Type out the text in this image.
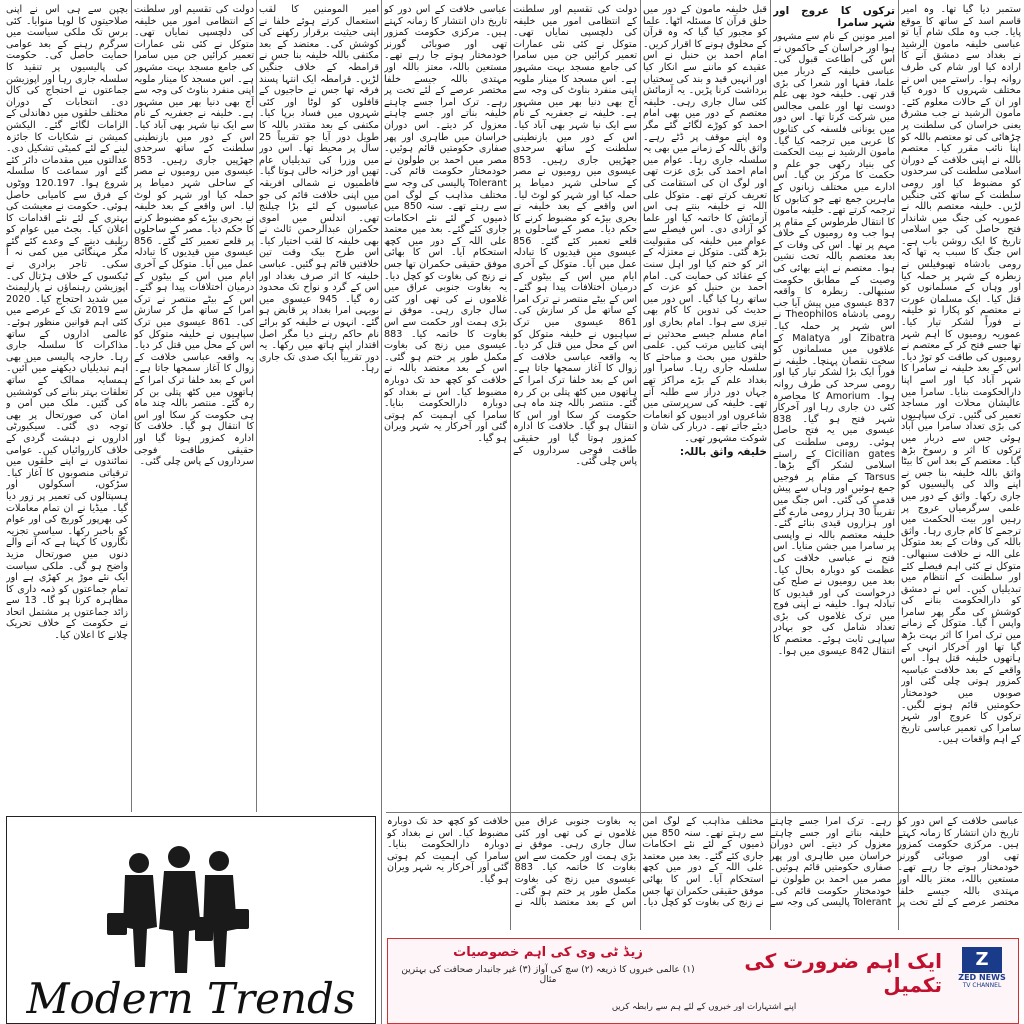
ستمبر دیا گیا تھا۔ وہ امیر قاسم اسد کے ساتھ کا موقع پایا۔ جب وہ ملک شام آیا تو عباسی خلیفہ مامون الرشید نے بغداد سے دمشق آنے کا ارادہ کیا اور شام کی طرف روانہ ہوا۔ راستے میں اس نے مختلف شہروں کا دورہ کیا اور ان کے حالات معلوم کئے۔ مامون الرشید نے جب مشرق یعنی خراسان کی سلطنت پر چڑھائی کی تو معتصم باللہ کو اپنا نائب مقرر کیا۔ معتصم باللہ نے اپنی خلافت کے دوران اسلامی سلطنت کی سرحدوں کو مضبوط کیا اور رومی سلطنت کے ساتھ کئی جنگیں لڑیں۔ خلیفہ معتصم باللہ نے عموریہ کی جنگ میں شاندار فتح حاصل کی جو اسلامی تاریخ کا ایک روشن باب ہے۔ اس جنگ کا سبب یہ تھا کہ رومی بادشاہ تھیوفیلس نے زبطرہ کے شہر پر حملہ کیا اور وہاں کے مسلمانوں کو قتل کیا۔ ایک مسلمان عورت نے معتصم کو پکارا تو خلیفہ نے فوراً لشکر تیار کیا۔ عموریہ رومیوں کا اہم شہر تھا جسے فتح کر کے معتصم نے رومیوں کی طاقت کو توڑ دیا۔ اس کے بعد خلیفہ نے سامرا کا شہر آباد کیا اور اسے اپنا دارالحکومت بنایا۔ سامرا میں عالیشان محلات اور مساجد تعمیر کی گئیں۔ ترک سپاہیوں کی بڑی تعداد سامرا میں آباد ہوئی جس سے دربار میں ترکوں کا اثر و رسوخ بڑھ گیا۔ معتصم کے بعد اس کا بیٹا واثق باللہ خلیفہ بنا جس نے اپنے والد کی پالیسیوں کو جاری رکھا۔ واثق کے دور میں علمی سرگرمیاں عروج پر رہیں اور بیت الحکمت میں ترجمے کا کام جاری رہا۔ واثق باللہ کی وفات کے بعد متوکل علی اللہ نے خلافت سنبھالی۔ متوکل نے کئی اہم فیصلے کئے اور سلطنت کے انتظام میں تبدیلیاں کیں۔ اس نے دمشق کو دارالحکومت بنانے کی کوشش کی مگر پھر سامرا واپس آ گیا۔ متوکل کے زمانے میں ترک امرا کا اثر بہت بڑھ گیا تھا اور آخرکار انہی کے ہاتھوں خلیفہ قتل ہوا۔ اس واقعے کے بعد خلافت عباسیہ کمزور ہوتی چلی گئی اور صوبوں میں خودمختار حکومتیں قائم ہونے لگیں۔ ترکوں کا عروج اور شہر سامرا کی تعمیر عباسی تاریخ کے اہم واقعات ہیں۔

ترکوں کا عروج اور شہر سامرا

امیر مونین کے نام سے مشہور ہوا اور خراسان کے حاکموں نے اس کی اطاعت قبول کی۔ عباسی خلیفہ کے دربار میں علما، فقہا اور شعرا کی بڑی قدر تھی۔ خلیفہ خود بھی علم دوست تھا اور علمی مجالس میں شرکت کرتا تھا۔ اس دور میں یونانی فلسفہ کی کتابوں کا عربی میں ترجمہ کیا گیا۔ مامون الرشید نے بیت الحکمت کی بنیاد رکھی جو علم و حکمت کا مرکز بن گیا۔ اس ادارے میں مختلف زبانوں کے ماہرین جمع تھے جو کتابوں کا ترجمہ کرتے تھے۔ خلیفہ مامون کا انتقال طرطوس کے مقام پر ہوا جب وہ رومیوں کے خلاف مہم پر تھا۔ اس کی وفات کے بعد معتصم باللہ تخت نشین ہوا۔ معتصم نے اپنے بھائی کی وصیت کے مطابق حکومت سنبھالی۔ زبطرہ کا واقعہ 837 عیسوی میں پیش آیا جب رومی بادشاہ Theophilos نے اس شہر پر حملہ کیا۔ Zibatra اور Malatya کے علاقوں میں مسلمانوں کو سخت نقصان پہنچا۔ خلیفہ نے فوراً ایک بڑا لشکر تیار کیا اور رومی سرحد کی طرف روانہ ہوا۔ Amorium کا محاصرہ کئی دن جاری رہا اور آخرکار شہر فتح ہو گیا۔ 838 عیسوی میں یہ فتح حاصل ہوئی۔ رومی سلطنت کی Cicilian gates کے راستے اسلامی لشکر آگے بڑھا۔ Tarsus کے مقام پر فوجیں جمع ہوئیں اور وہاں سے پیش قدمی کی گئی۔ اس جنگ میں تقریباً 30 ہزار رومی مارے گئے اور ہزاروں قیدی بنائے گئے۔ خلیفہ معتصم باللہ نے واپسی پر سامرا میں جشن منایا۔ اس فتح نے عباسی خلافت کی عظمت کو دوبارہ بحال کیا۔ بعد میں رومیوں نے صلح کی درخواست کی اور قیدیوں کا تبادلہ ہوا۔ خلیفہ نے اپنی فوج میں ترک غلاموں کی بڑی تعداد شامل کی جو بہادر سپاہی ثابت ہوئے۔ معتصم کا انتقال 842 عیسوی میں ہوا۔

قبل خلیفہ مامون کے دور میں خلق قرآن کا مسئلہ اٹھا۔ علما کو مجبور کیا گیا کہ وہ قرآن کے مخلوق ہونے کا اقرار کریں۔ امام احمد بن حنبل نے اس عقیدے کو ماننے سے انکار کیا اور انہیں قید و بند کی سختیاں برداشت کرنا پڑیں۔ یہ آزمائش کئی سال جاری رہی۔ خلیفہ معتصم کے دور میں بھی امام احمد کو کوڑے لگائے گئے مگر وہ اپنے موقف پر ڈٹے رہے۔ واثق باللہ کے زمانے میں بھی یہ سلسلہ جاری رہا۔ عوام میں امام احمد کی بڑی عزت تھی اور لوگ ان کی استقامت کی تعریف کرتے تھے۔ متوکل علی اللہ نے خلیفہ بنتے ہی اس آزمائش کا خاتمہ کیا اور علما کو آزادی دی۔ اس فیصلے سے عوام میں خلیفہ کی مقبولیت بڑھ گئی۔ متوکل نے معتزلہ کے اثر کو ختم کیا اور اہل سنت کے عقائد کی حمایت کی۔ امام احمد بن حنبل کو عزت کے ساتھ رہا کیا گیا۔ اس دور میں حدیث کی تدوین کا کام بھی تیزی سے ہوا۔ امام بخاری اور امام مسلم جیسے محدثین نے اپنی کتابیں مرتب کیں۔ علمی حلقوں میں بحث و مباحثے کا سلسلہ جاری رہا۔ سامرا اور بغداد علم کے بڑے مراکز تھے جہاں دور دراز سے طلبہ آتے تھے۔ خلیفہ کی سرپرستی میں شاعروں اور ادیبوں کو انعامات دیئے جاتے تھے۔ دربار کی شان و شوکت مشہور تھی۔

خلیفہ واثق باللہ:

دولت کی تقسیم اور سلطنت کے انتظامی امور میں خلیفہ کی دلچسپی نمایاں تھی۔ متوکل نے کئی نئی عمارات تعمیر کرائیں جن میں سامرا کی جامع مسجد بہت مشہور ہے۔ اس مسجد کا مینار ملویہ اپنی منفرد بناوٹ کی وجہ سے آج بھی دنیا بھر میں مشہور ہے۔ خلیفہ نے جعفریہ کے نام سے ایک نیا شہر بھی آباد کیا۔ اس کے دور میں بازنطینی سلطنت کے ساتھ سرحدی جھڑپیں جاری رہیں۔ 853 عیسوی میں رومیوں نے مصر کے ساحلی شہر دمیاط پر حملہ کیا اور شہر کو لوٹ لیا۔ اس واقعے کے بعد خلیفہ نے بحری بیڑے کو مضبوط کرنے کا حکم دیا۔ مصر کے ساحلوں پر قلعے تعمیر کئے گئے۔ 856 عیسوی میں قیدیوں کا تبادلہ عمل میں آیا۔ متوکل کے آخری ایام میں اس کے بیٹوں کے درمیان اختلافات پیدا ہو گئے۔ اس کے بیٹے منتصر نے ترک امرا کے ساتھ مل کر سازش کی۔ 861 عیسوی میں ترک سپاہیوں نے خلیفہ متوکل کو اس کے محل میں قتل کر دیا۔ یہ واقعہ عباسی خلافت کے زوال کا آغاز سمجھا جاتا ہے۔ اس کے بعد خلفا ترک امرا کے ہاتھوں میں کٹھ پتلی بن کر رہ گئے۔ منتصر باللہ چند ماہ ہی حکومت کر سکا اور اس کا انتقال ہو گیا۔ خلافت کا ادارہ کمزور ہوتا گیا اور حقیقی طاقت فوجی سرداروں کے پاس چلی گئی۔

عباسی خلافت کے اس دور کو تاریخ دان انتشار کا زمانہ کہتے ہیں۔ مرکزی حکومت کمزور تھی اور صوبائی گورنر خودمختار ہوتے جا رہے تھے۔ مستعین باللہ، معتز باللہ اور مہتدی باللہ جیسے خلفا مختصر عرصے کے لئے تخت پر رہے۔ ترک امرا جسے چاہتے خلیفہ بناتے اور جسے چاہتے معزول کر دیتے۔ اس دوران خراسان میں طاہری اور پھر صفاری حکومتیں قائم ہوئیں۔ مصر میں احمد بن طولون نے خودمختار حکومت قائم کی۔ Tolerant پالیسی کی وجہ سے مختلف مذاہب کے لوگ امن سے رہتے تھے۔ سنہ 850 میں ذمیوں کے لئے نئے احکامات جاری کئے گئے۔ بعد میں معتمد علی اللہ کے دور میں کچھ استحکام آیا۔ اس کا بھائی موفق حقیقی حکمران تھا جس نے زنج کی بغاوت کو کچل دیا۔ یہ بغاوت جنوبی عراق میں غلاموں نے کی تھی اور کئی سال جاری رہی۔ موفق نے بڑی ہمت اور حکمت سے اس بغاوت کا خاتمہ کیا۔ 883 عیسوی میں زنج کی بغاوت مکمل طور پر ختم ہو گئی۔ اس کے بعد معتضد باللہ نے خلافت کو کچھ حد تک دوبارہ مضبوط کیا۔ اس نے بغداد کو دوبارہ دارالحکومت بنایا۔ سامرا کی اہمیت کم ہوتی گئی اور آخرکار یہ شہر ویران ہو گیا۔

امیر المومنین کا لقب استعمال کرتے ہوئے خلفا نے اپنی حیثیت برقرار رکھنے کی کوشش کی۔ معتضد کے بعد مکتفی باللہ خلیفہ بنا جس نے قرامطہ کے خلاف جنگیں لڑیں۔ قرامطہ ایک انتہا پسند فرقہ تھا جس نے حاجیوں کے قافلوں کو لوٹا اور کئی شہروں میں فساد برپا کیا۔ مکتفی کے بعد مقتدر باللہ کا طویل دور آیا جو تقریباً 25 سال پر محیط تھا۔ اس دور میں وزرا کی تبدیلیاں عام تھیں اور خزانہ خالی ہوتا گیا۔ فاطمیوں نے شمالی افریقہ میں اپنی خلافت قائم کی جو عباسیوں کے لئے بڑا چیلنج تھی۔ اندلس میں اموی حکمران عبدالرحمن ثالث نے بھی خلیفہ کا لقب اختیار کیا۔ اس طرح بیک وقت تین خلافتیں قائم ہو گئیں۔ عباسی خلیفہ کا اثر صرف بغداد اور اس کے گرد و نواح تک محدود رہ گیا۔ 945 عیسوی میں بویہی امرا بغداد پر قابض ہو گئے۔ انہوں نے خلیفہ کو برائے نام حاکم رہنے دیا مگر اصل اقتدار اپنے ہاتھ میں رکھا۔ یہ دور تقریباً ایک صدی تک جاری رہا۔

دولت کی تقسیم اور سلطنت کے انتظامی امور میں خلیفہ کی دلچسپی نمایاں تھی۔ متوکل نے کئی نئی عمارات تعمیر کرائیں جن میں سامرا کی جامع مسجد بہت مشہور ہے۔ اس مسجد کا مینار ملویہ اپنی منفرد بناوٹ کی وجہ سے آج بھی دنیا بھر میں مشہور ہے۔ خلیفہ نے جعفریہ کے نام سے ایک نیا شہر بھی آباد کیا۔ اس کے دور میں بازنطینی سلطنت کے ساتھ سرحدی جھڑپیں جاری رہیں۔ 853 عیسوی میں رومیوں نے مصر کے ساحلی شہر دمیاط پر حملہ کیا اور شہر کو لوٹ لیا۔ اس واقعے کے بعد خلیفہ نے بحری بیڑے کو مضبوط کرنے کا حکم دیا۔ مصر کے ساحلوں پر قلعے تعمیر کئے گئے۔ 856 عیسوی میں قیدیوں کا تبادلہ عمل میں آیا۔ متوکل کے آخری ایام میں اس کے بیٹوں کے درمیان اختلافات پیدا ہو گئے۔ اس کے بیٹے منتصر نے ترک امرا کے ساتھ مل کر سازش کی۔ 861 عیسوی میں ترک سپاہیوں نے خلیفہ متوکل کو اس کے محل میں قتل کر دیا۔ یہ واقعہ عباسی خلافت کے زوال کا آغاز سمجھا جاتا ہے۔ اس کے بعد خلفا ترک امرا کے ہاتھوں میں کٹھ پتلی بن کر رہ گئے۔ منتصر باللہ چند ماہ ہی حکومت کر سکا اور اس کا انتقال ہو گیا۔ خلافت کا ادارہ کمزور ہوتا گیا اور حقیقی طاقت فوجی سرداروں کے پاس چلی گئی۔

بچپن سے ہی اس نے اپنی صلاحیتوں کا لوہا منوایا۔ کئی برس تک ملکی سیاست میں سرگرم رہنے کے بعد عوامی حمایت حاصل کی۔ حکومت کی پالیسیوں پر تنقید کا سلسلہ جاری رہا اور اپوزیشن جماعتوں نے احتجاج کی کال دی۔ انتخابات کے دوران مختلف حلقوں میں دھاندلی کے الزامات لگائے گئے۔ الیکشن کمیشن نے شکایات کا جائزہ لینے کے لئے کمیٹی تشکیل دی۔ عدالتوں میں مقدمات دائر کئے گئے اور سماعت کا سلسلہ شروع ہوا۔ 120.197 ووٹوں کے فرق سے کامیابی حاصل ہوئی۔ حکومت نے معیشت کی بہتری کے لئے نئے اقدامات کا اعلان کیا۔ بجٹ میں عوام کو ریلیف دینے کے وعدے کئے گئے مگر مہنگائی میں کمی نہ آ سکی۔ تاجر برادری نے ٹیکسوں کے خلاف ہڑتال کی۔ اپوزیشن رہنماؤں نے پارلیمنٹ میں شدید احتجاج کیا۔ 2020 سے 2019 تک کے عرصے میں کئی اہم قوانین منظور ہوئے۔ عالمی اداروں کے ساتھ مذاکرات کا سلسلہ جاری رہا۔ خارجہ پالیسی میں بھی اہم تبدیلیاں دیکھنے میں آئیں۔ ہمسایہ ممالک کے ساتھ تعلقات بہتر بنانے کی کوششیں کی گئیں۔ ملک میں امن و امان کی صورتحال پر بھی توجہ دی گئی۔ سیکیورٹی اداروں نے دہشت گردی کے خلاف کارروائیاں کیں۔ عوامی نمائندوں نے اپنے حلقوں میں ترقیاتی منصوبوں کا آغاز کیا۔ سڑکوں، اسکولوں اور ہسپتالوں کی تعمیر پر زور دیا گیا۔ میڈیا نے ان تمام معاملات کی بھرپور کوریج کی اور عوام کو باخبر رکھا۔ سیاسی تجزیہ نگاروں کا کہنا ہے کہ آنے والے دنوں میں صورتحال مزید واضح ہو گی۔ ملکی سیاست ایک نئے موڑ پر کھڑی ہے اور تمام جماعتوں کو ذمہ داری کا مظاہرہ کرنا ہو گا۔ 13 سے زائد جماعتوں پر مشتمل اتحاد نے حکومت کے خلاف تحریک چلانے کا اعلان کیا۔

عباسی خلافت کے اس دور کو تاریخ دان انتشار کا زمانہ کہتے ہیں۔ مرکزی حکومت کمزور تھی اور صوبائی گورنر خودمختار ہوتے جا رہے تھے۔ مستعین باللہ، معتز باللہ اور مہتدی باللہ جیسے خلفا مختصر عرصے کے لئے تخت پر رہے۔ ترک امرا جسے چاہتے خلیفہ بناتے اور جسے چاہتے معزول کر دیتے۔ اس دوران خراسان میں طاہری اور پھر صفاری حکومتیں قائم ہوئیں۔ مصر میں احمد بن طولون نے خودمختار حکومت قائم کی۔ Tolerant پالیسی کی وجہ سے مختلف مذاہب کے لوگ امن سے رہتے تھے۔ سنہ 850 میں ذمیوں کے لئے نئے احکامات جاری کئے گئے۔ بعد میں معتمد علی اللہ کے دور میں کچھ استحکام آیا۔ اس کا بھائی موفق حقیقی حکمران تھا جس نے زنج کی بغاوت کو کچل دیا۔ یہ بغاوت جنوبی عراق میں غلاموں نے کی تھی اور کئی سال جاری رہی۔ موفق نے بڑی ہمت اور حکمت سے اس بغاوت کا خاتمہ کیا۔ 883 عیسوی میں زنج کی بغاوت مکمل طور پر ختم ہو گئی۔ اس کے بعد معتضد باللہ نے خلافت کو کچھ حد تک دوبارہ مضبوط کیا۔ اس نے بغداد کو دوبارہ دارالحکومت بنایا۔ سامرا کی اہمیت کم ہوتی گئی اور آخرکار یہ شہر ویران ہو گیا۔

Modern Trends
Z
ZED NEWS
TV CHANNEL
ایک اہم ضرورت کی تکمیل
زیڈ ٹی وی کی اہم خصوصیات
(۱) عالمی خبروں کا ذریعہ (۲) سچ کی آواز (۳) غیر جانبدار صحافت کی بہترین مثال
اپنے اشتہارات اور خبروں کے لئے ہم سے رابطہ کریں
